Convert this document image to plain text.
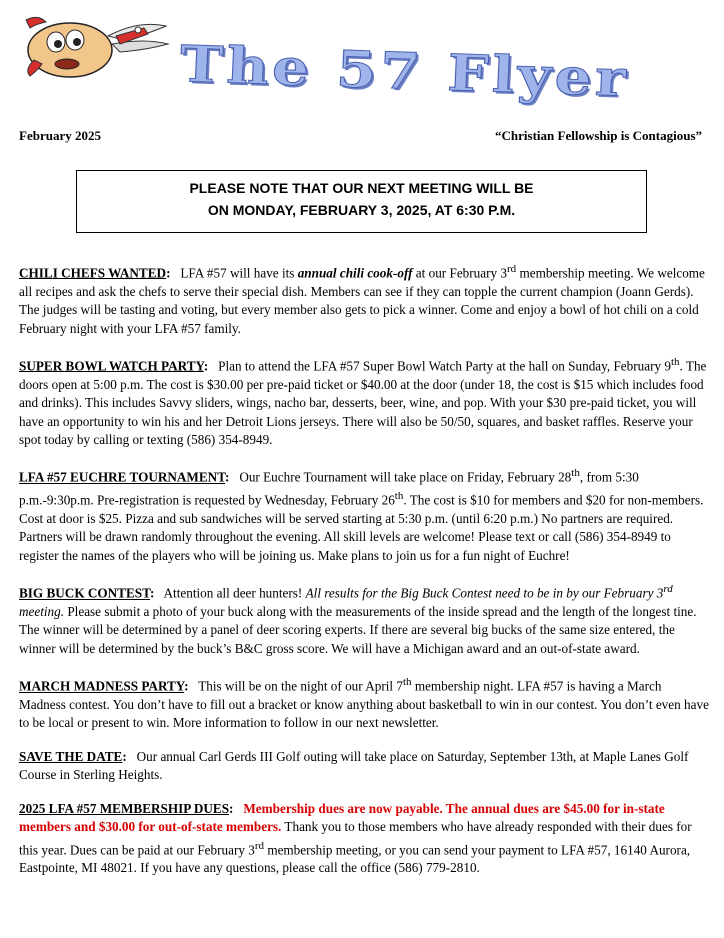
The 57 Flyer
February 2025	“Christian Fellowship is Contagious”
PLEASE NOTE THAT OUR NEXT MEETING WILL BE
ON MONDAY, FEBRUARY 3, 2025, AT 6:30 P.M.

CHILI CHEFS WANTED: LFA #57 will have its annual chili cook-off at our February 3rd membership meeting. We welcome all recipes and ask the chefs to serve their special dish. Members can see if they can topple the current champion (Joann Gerds). The judges will be tasting and voting, but every member also gets to pick a winner. Come and enjoy a bowl of hot chili on a cold February night with your LFA #57 family.

SUPER BOWL WATCH PARTY: Plan to attend the LFA #57 Super Bowl Watch Party at the hall on Sunday, February 9th. The doors open at 5:00 p.m. The cost is $30.00 per pre-paid ticket or $40.00 at the door (under 18, the cost is $15 which includes food and drinks). This includes Savvy sliders, wings, nacho bar, desserts, beer, wine, and pop. With your $30 pre-paid ticket, you will have an opportunity to win his and her Detroit Lions jerseys. There will also be 50/50, squares, and basket raffles. Reserve your spot today by calling or texting (586) 354-8949.

LFA #57 EUCHRE TOURNAMENT: Our Euchre Tournament will take place on Friday, February 28th, from 5:30 p.m.-9:30p.m. Pre-registration is requested by Wednesday, February 26th. The cost is $10 for members and $20 for non-members. Cost at door is $25. Pizza and sub sandwiches will be served starting at 5:30 p.m. (until 6:20 p.m.) No partners are required. Partners will be drawn randomly throughout the evening. All skill levels are welcome! Please text or call (586) 354-8949 to register the names of the players who will be joining us. Make plans to join us for a fun night of Euchre!

BIG BUCK CONTEST: Attention all deer hunters! All results for the Big Buck Contest need to be in by our February 3rd meeting. Please submit a photo of your buck along with the measurements of the inside spread and the length of the longest tine. The winner will be determined by a panel of deer scoring experts. If there are several big bucks of the same size entered, the winner will be determined by the buck’s B&C gross score. We will have a Michigan award and an out-of-state award.

MARCH MADNESS PARTY: This will be on the night of our April 7th membership night. LFA #57 is having a March Madness contest. You don’t have to fill out a bracket or know anything about basketball to win in our contest. You don’t even have to be local or present to win. More information to follow in our next newsletter.

SAVE THE DATE: Our annual Carl Gerds III Golf outing will take place on Saturday, September 13th, at Maple Lanes Golf Course in Sterling Heights.

2025 LFA #57 MEMBERSHIP DUES: Membership dues are now payable. The annual dues are $45.00 for in-state members and $30.00 for out-of-state members. Thank you to those members who have already responded with their dues for this year. Dues can be paid at our February 3rd membership meeting, or you can send your payment to LFA #57, 16140 Aurora, Eastpointe, MI 48021. If you have any questions, please call the office (586) 779-2810.
